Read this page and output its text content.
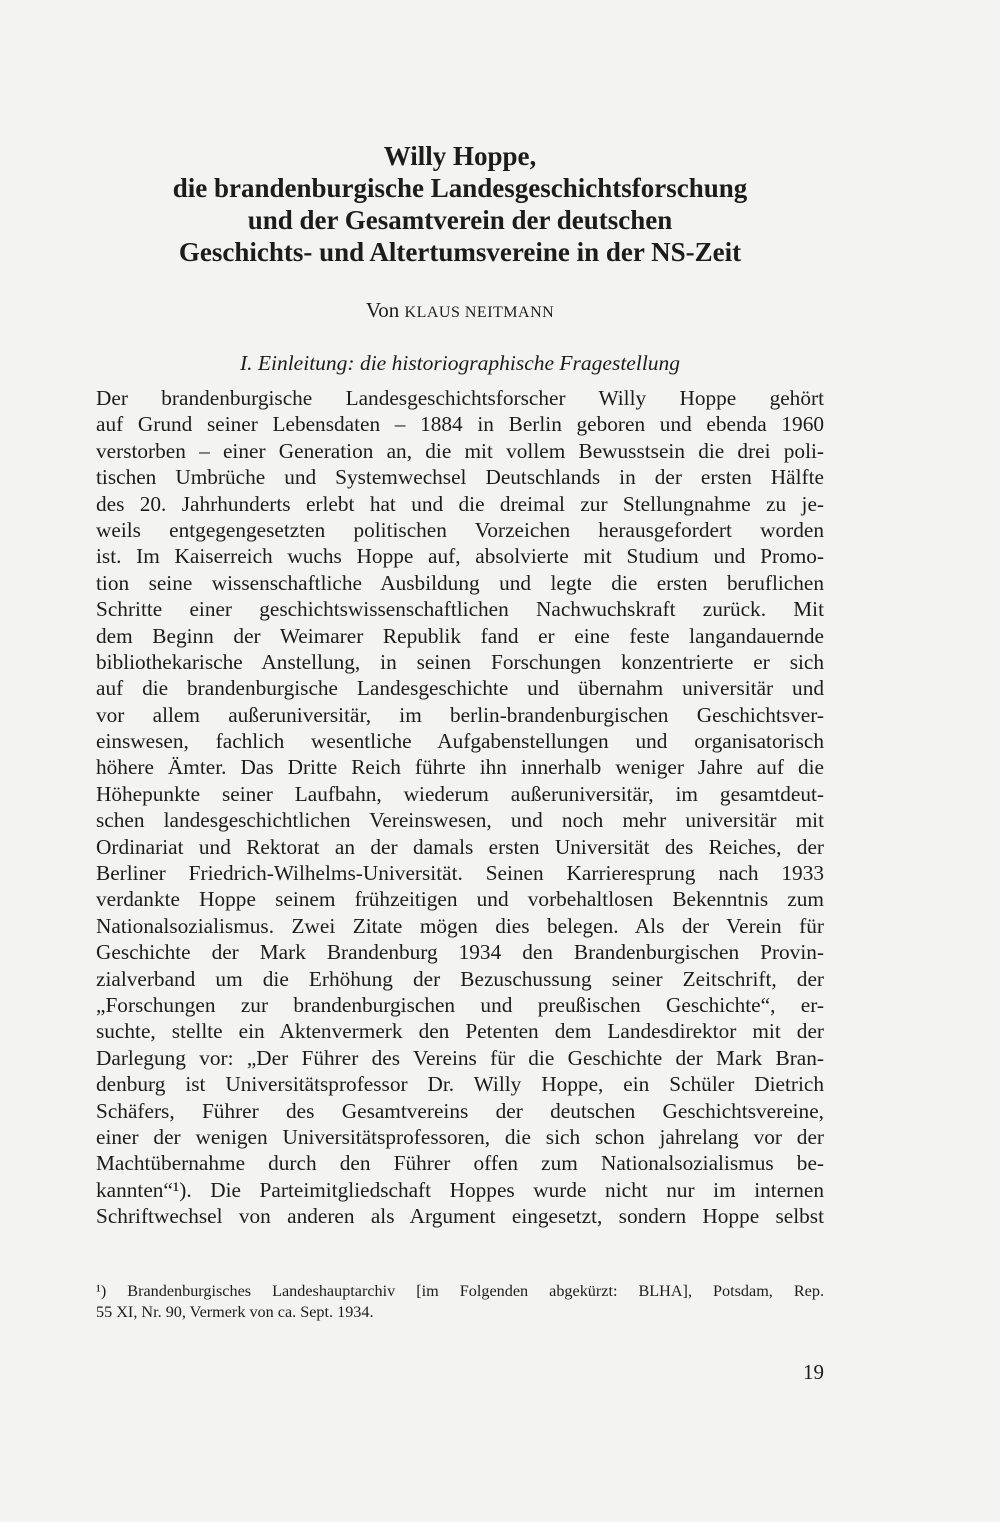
Willy Hoppe,
die brandenburgische Landesgeschichtsforschung
und der Gesamtverein der deutschen
Geschichts- und Altertumsvereine in der NS-Zeit
Von KLAUS NEITMANN
I. Einleitung: die historiographische Fragestellung
Der brandenburgische Landesgeschichtsforscher Willy Hoppe gehört
auf Grund seiner Lebensdaten – 1884 in Berlin geboren und ebenda 1960
verstorben – einer Generation an, die mit vollem Bewusstsein die drei poli-
tischen Umbrüche und Systemwechsel Deutschlands in der ersten Hälfte
des 20. Jahrhunderts erlebt hat und die dreimal zur Stellungnahme zu je-
weils entgegengesetzten politischen Vorzeichen herausgefordert worden
ist. Im Kaiserreich wuchs Hoppe auf, absolvierte mit Studium und Promo-
tion seine wissenschaftliche Ausbildung und legte die ersten beruflichen
Schritte einer geschichtswissenschaftlichen Nachwuchskraft zurück. Mit
dem Beginn der Weimarer Republik fand er eine feste langandauernde
bibliothekarische Anstellung, in seinen Forschungen konzentrierte er sich
auf die brandenburgische Landesgeschichte und übernahm universitär und
vor allem außeruniversitär, im berlin-brandenburgischen Geschichtsver-
einswesen, fachlich wesentliche Aufgabenstellungen und organisatorisch
höhere Ämter. Das Dritte Reich führte ihn innerhalb weniger Jahre auf die
Höhepunkte seiner Laufbahn, wiederum außeruniversitär, im gesamtdeut-
schen landesgeschichtlichen Vereinswesen, und noch mehr universitär mit
Ordinariat und Rektorat an der damals ersten Universität des Reiches, der
Berliner Friedrich-Wilhelms-Universität. Seinen Karrieresprung nach 1933
verdankte Hoppe seinem frühzeitigen und vorbehaltlosen Bekenntnis zum
Nationalsozialismus. Zwei Zitate mögen dies belegen. Als der Verein für
Geschichte der Mark Brandenburg 1934 den Brandenburgischen Provin-
zialverband um die Erhöhung der Bezuschussung seiner Zeitschrift, der
„Forschungen zur brandenburgischen und preußischen Geschichte“, er-
suchte, stellte ein Aktenvermerk den Petenten dem Landesdirektor mit der
Darlegung vor: „Der Führer des Vereins für die Geschichte der Mark Bran-
denburg ist Universitätsprofessor Dr. Willy Hoppe, ein Schüler Dietrich
Schäfers, Führer des Gesamtvereins der deutschen Geschichtsvereine,
einer der wenigen Universitätsprofessoren, die sich schon jahrelang vor der
Machtübernahme durch den Führer offen zum Nationalsozialismus be-
kannten“¹). Die Parteimitgliedschaft Hoppes wurde nicht nur im internen
Schriftwechsel von anderen als Argument eingesetzt, sondern Hoppe selbst
¹) Brandenburgisches Landeshauptarchiv [im Folgenden abgekürzt: BLHA], Potsdam, Rep.
55 XI, Nr. 90, Vermerk von ca. Sept. 1934.
19
